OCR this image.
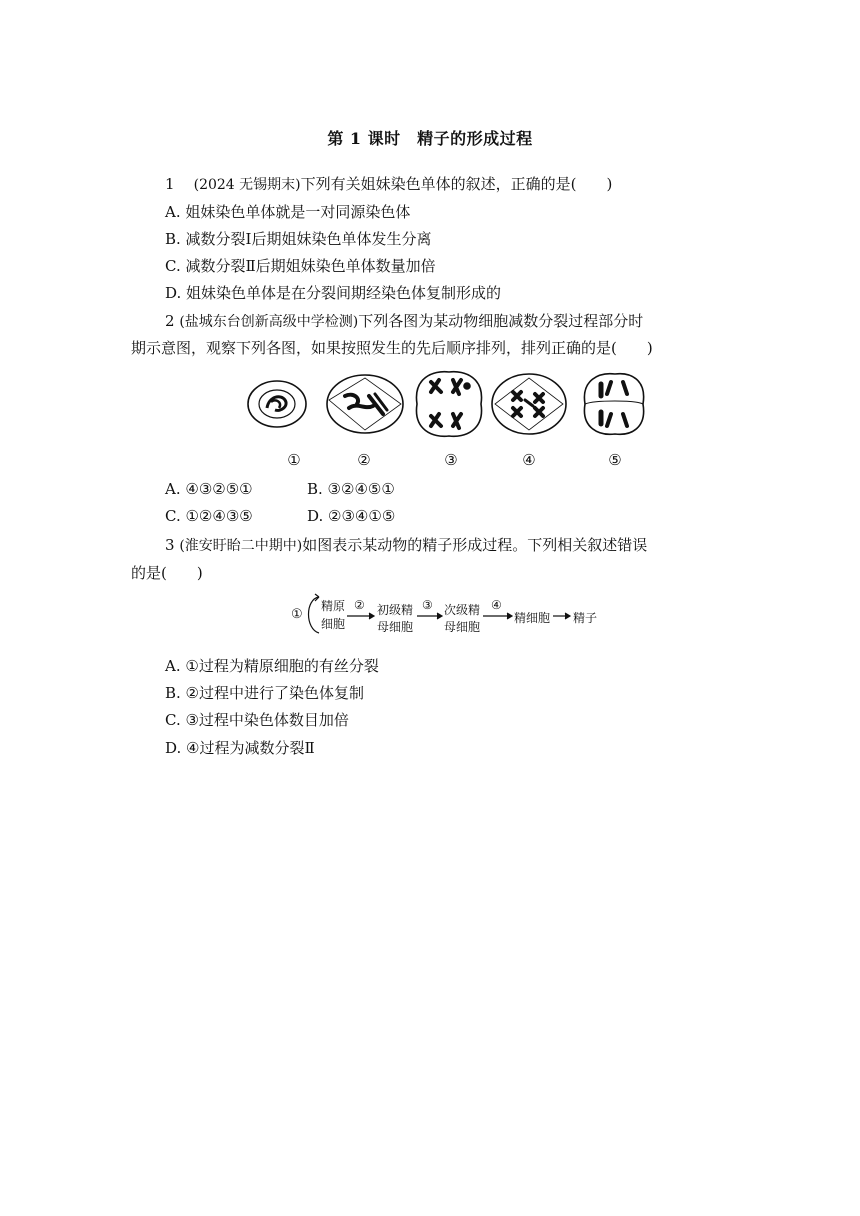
第 1 课时　精子的形成过程
1 (2024 无锡期末)下列有关姐妹染色单体的叙述，正确的是(　　)
A. 姐妹染色单体就是一对同源染色体
B. 减数分裂Ⅰ后期姐妹染色单体发生分离
C. 减数分裂Ⅱ后期姐妹染色单体数量加倍
D. 姐妹染色单体是在分裂间期经染色体复制形成的
2 (盐城东台创新高级中学检测)下列各图为某动物细胞减数分裂过程部分时
期示意图，观察下列各图，如果按照发生的先后顺序排列，排列正确的是(　　)
①	②	③	④	⑤
A. ④③②⑤①	B. ③②④⑤①
C. ①②④③⑤	D. ②③④①⑤
3 (淮安盱眙二中期中)如图表示某动物的精子形成过程。下列相关叙述错误
的是(　　)
①
精原
细胞
② 初级精
母细胞
③ 次级精
母细胞
④
精细胞 精子
A. ①过程为精原细胞的有丝分裂
B. ②过程中进行了染色体复制
C. ③过程中染色体数目加倍
D. ④过程为减数分裂Ⅱ
